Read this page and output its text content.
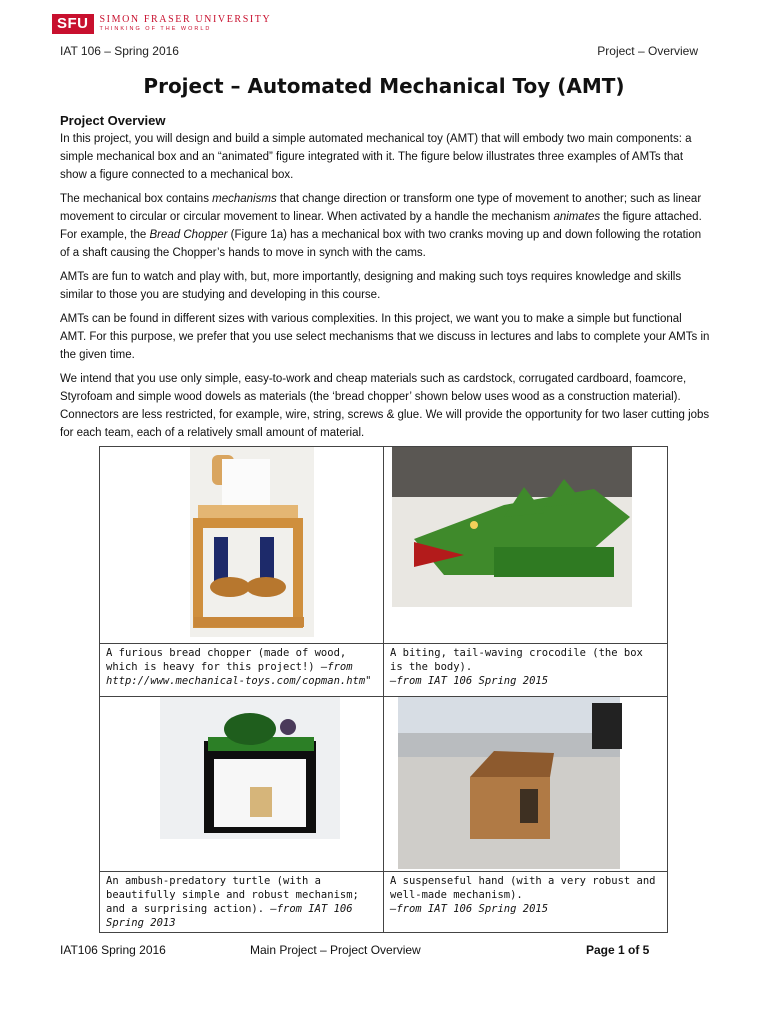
SFU SIMON FRASER UNIVERSITY
THINKING OF THE WORLD
IAT 106 – Spring 2016	Project – Overview
Project – Automated Mechanical Toy (AMT)
Project Overview

In this project, you will design and build a simple automated mechanical toy (AMT) that will embody two main components: a simple mechanical box and an “animated” figure integrated with it. The figure below illustrates three examples of AMTs that show a figure connected to a mechanical box.

The mechanical box contains mechanisms that change direction or transform one type of movement to another; such as linear movement to circular or circular movement to linear. When activated by a handle the mechanism animates the figure attached. For example, the Bread Chopper (Figure 1a) has a mechanical box with two cranks moving up and down following the rotation of a shaft causing the Chopper’s hands to move in synch with the cams.

AMTs are fun to watch and play with, but, more importantly, designing and making such toys requires knowledge and skills similar to those you are studying and developing in this course.

AMTs can be found in different sizes with various complexities. In this project, we want you to make a simple but functional AMT. For this purpose, we prefer that you use select mechanisms that we discuss in lectures and labs to complete your AMTs in the given time.

We intend that you use only simple, easy-to-work and cheap materials such as cardstock, corrugated cardboard, foamcore, Styrofoam and simple wood dowels as materials (the ‘bread chopper’ shown below uses wood as a construction material). Connectors are less restricted, for example, wire, string, screws & glue. We will provide the opportunity for two laser cutting jobs for each team, each of a relatively small amount of material.

A furious bread chopper (made of wood, which is heavy for this project!) –from http://www.mechanical-toys.com/copman.htm"	A biting, tail-waving crocodile (the box is the body).
–from IAT 106 Spring 2015

An ambush-predatory turtle (with a beautifully simple and robust mechanism; and a surprising action). –from IAT 106 Spring 2013	A suspenseful hand (with a very robust and well-made mechanism).
–from IAT 106 Spring 2015
IAT106 Spring 2016	Main Project – Project Overview	Page 1 of 5
